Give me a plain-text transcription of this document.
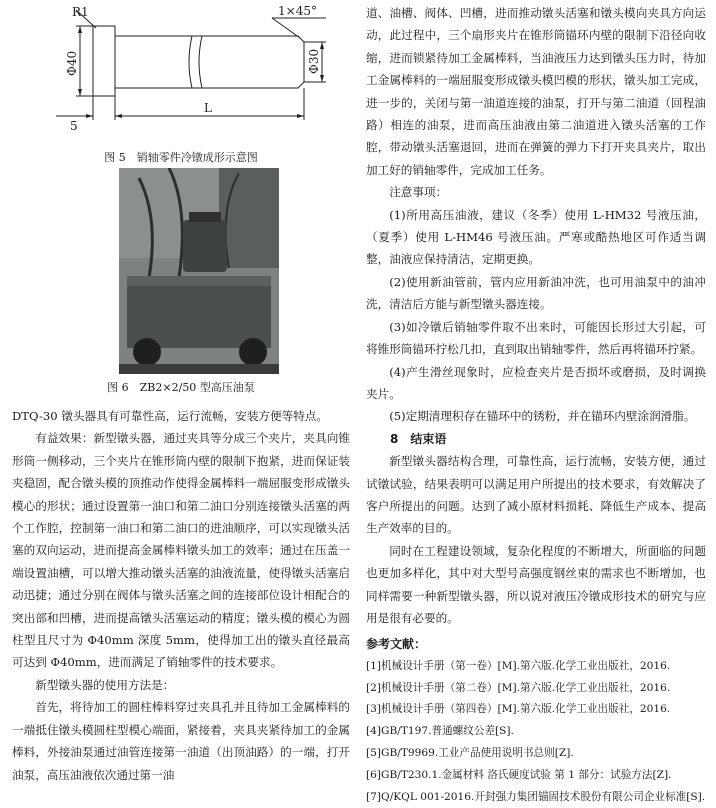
R1	1×45°
Φ40	Φ30
5
L

图 5　销轴零件冷镦成形示意图

图 6　ZB2×2/50 型高压油泵

DTQ-30 镦头器具有可靠性高，运行流畅，安装方便等特点。

有益效果：新型镦头器，通过夹具等分成三个夹片，夹具向锥形筒一侧移动，三个夹片在锥形筒内壁的限制下抱紧，进而保证装夹稳固，配合镦头模的顶推动作使得金属棒料一端屈服变形成镦头模心的形状；通过设置第一油口和第二油口分别连接镦头活塞的两个工作腔，控制第一油口和第二油口的进油顺序，可以实现镦头活塞的双向运动，进而提高金属棒料镦头加工的效率；通过在压盖一端设置油槽，可以增大推动镦头活塞的油液流量，使得镦头活塞启动迅捷；通过分别在阀体与镦头活塞之间的连接部位设计相配合的突出部和凹槽，进而提高镦头活塞运动的精度；镦头模的模心为圆柱型且尺寸为 Φ40mm 深度 5mm，使得加工出的镦头直径最高可达到 Φ40mm，进而满足了销轴零件的技术要求。

新型镦头器的使用方法是：

首先，将待加工的圆柱棒料穿过夹具孔并且待加工金属棒料的一端抵住镦头模圆柱型模心端面，紧接着，夹具夹紧待加工的金属棒料，外接油泵通过油管连接第一油道（出顶油路）的一端，打开油泵，高压油液依次通过第一油

道、油槽、阀体、凹槽，进而推动镦头活塞和镦头模向夹具方向运动，此过程中，三个扇形夹片在锥形筒锚环内壁的限制下沿径向收缩，进而锁紧待加工金属棒料，当油液压力达到镦头压力时，待加工金属棒料的一端屈服变形成镦头模凹模的形状，镦头加工完成，进一步的，关闭与第一油道连接的油泵，打开与第二油道（回程油路）相连的油泵，进而高压油液由第二油道进入镦头活塞的工作腔，带动镦头活塞退回，进而在弹簧的弹力下打开夹具夹片，取出加工好的销轴零件，完成加工任务。

注意事项：

(1)所用高压油液，建议（冬季）使用 L-HM32 号液压油，（夏季）使用 L-HM46 号液压油。严寒或酷热地区可作适当调整，油液应保持清洁，定期更换。

(2)使用新油管前，管内应用新油冲洗，也可用油泵中的油冲洗，清洁后方能与新型镦头器连接。

(3)如冷镦后销轴零件取不出来时，可能因长形过大引起，可将锥形筒锚环拧松几扣，直到取出销轴零件，然后再将锚环拧紧。

(4)产生滑丝现象时，应检查夹片是否损坏或磨损，及时调换夹片。

(5)定期清理积存在锚环中的锈粉，并在锚环内壁涂润滑脂。

8　结束语

新型镦头器结构合理，可靠性高，运行流畅，安装方便，通过试镦试验，结果表明可以满足用户所提出的技术要求，有效解决了客户所提出的问题。达到了减小原材料损耗、降低生产成本、提高生产效率的目的。

同时在工程建设领域，复杂化程度的不断增大，所面临的问题也更加多样化，其中对大型号高强度钢丝束的需求也不断增加，也同样需要一种新型镦头器，所以说对液压冷镦成形技术的研究与应用是很有必要的。

参考文献：

[1]机械设计手册（第一卷）[M].第六版.化学工业出版社，2016.

[2]机械设计手册（第二卷）[M].第六版.化学工业出版社，2016.

[3]机械设计手册（第四卷）[M].第六版.化学工业出版社，2016.

[4]GB/T197.普通螺纹公差[S].

[5]GB/T9969.工业产品使用说明书总则[Z].

[6]GB/T230.1.金属材料 洛氏硬度试验 第 1 部分：试验方法[Z].

[7]Q/KQL 001-2016.开封强力集团锚固技术股份有限公司企业标准[S].
